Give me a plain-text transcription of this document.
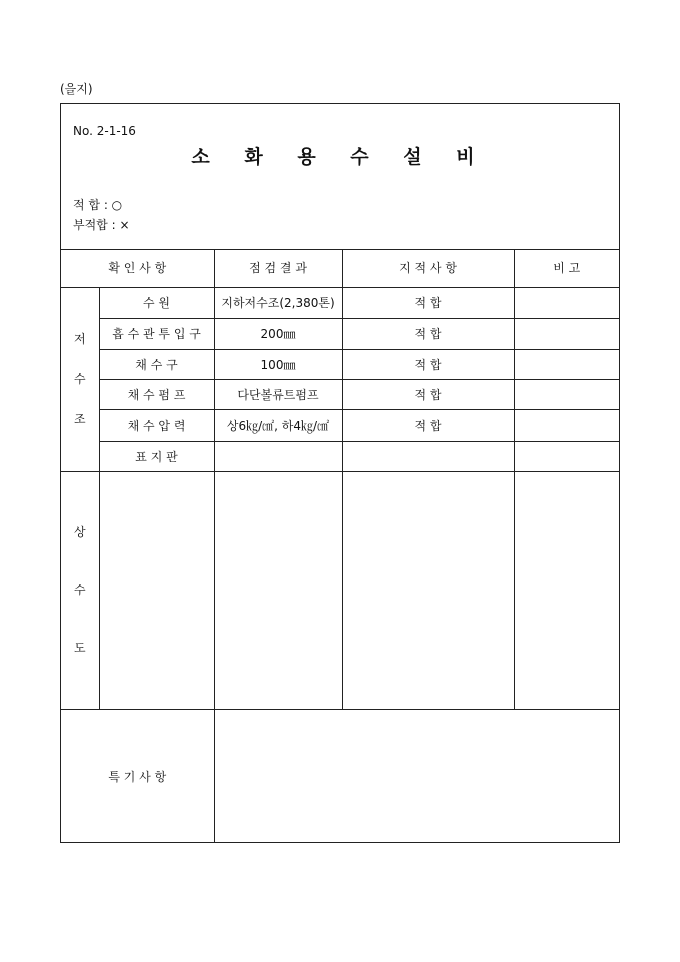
(을지)
No. 2-1-16
소 화 용 수 설 비
적 합 : ○
부적합 : ×
확 인 사 항		점 검 결 과	지 적 사 항	비 고

저
수
조	수 원	지하저수조(2,380톤)	적 합	
	흡 수 관 투 입 구	200㎜	적 합	
	채 수 구	100㎜	적 합	
	채 수 펌 프	다단볼류트펌프	적 합	
	채 수 압 력	상6㎏/㎠, 하4㎏/㎠	적 합	
	표 지 판			

상
수
도				

특 기 사 항				
